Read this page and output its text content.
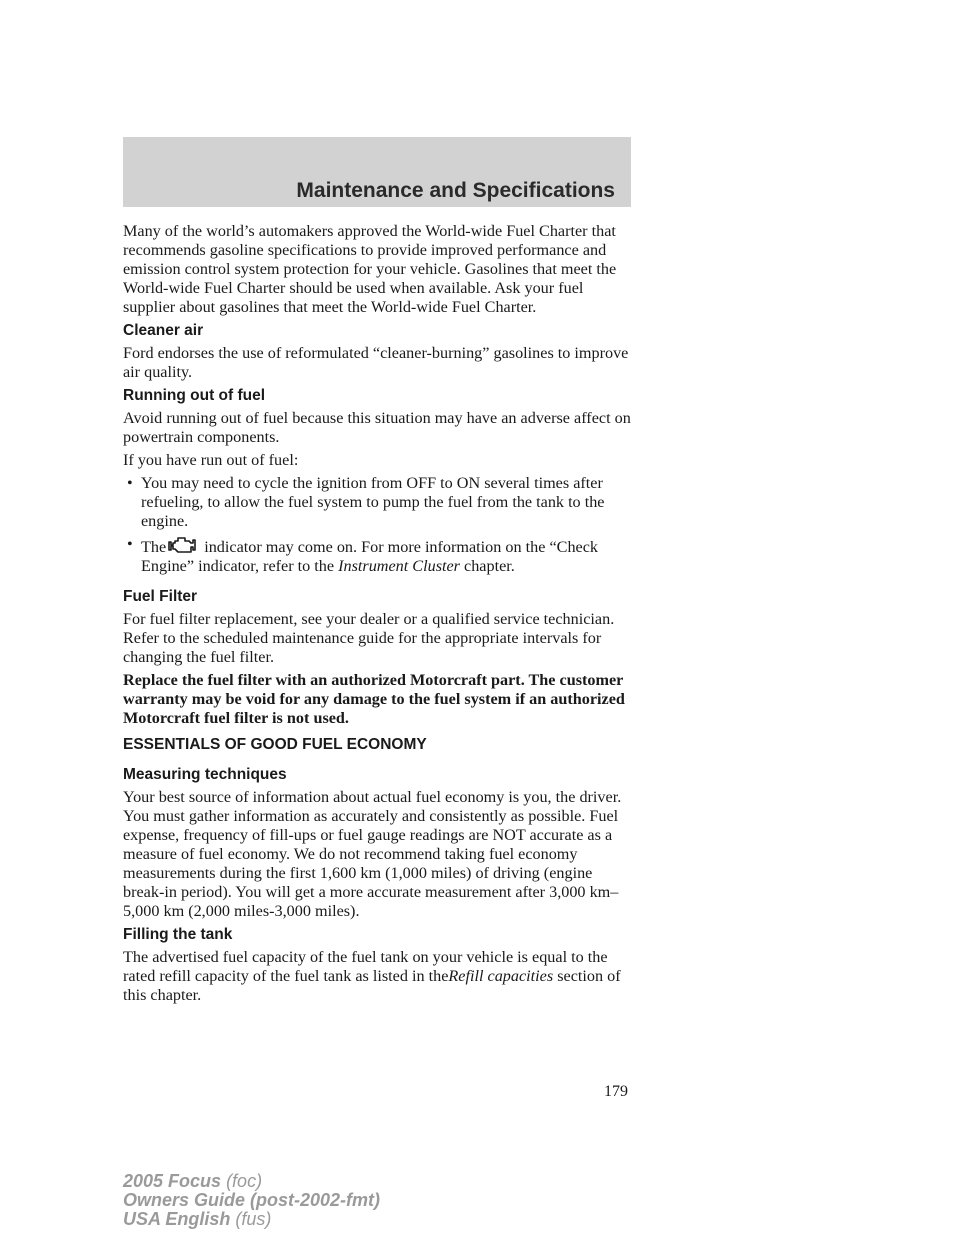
Maintenance and Specifications

Many of the world’s automakers approved the World-wide Fuel Charter that recommends gasoline specifications to provide improved performance and emission control system protection for your vehicle. Gasolines that meet the World-wide Fuel Charter should be used when available. Ask your fuel supplier about gasolines that meet the World-wide Fuel Charter.

Cleaner air

Ford endorses the use of reformulated “cleaner-burning” gasolines to improve air quality.

Running out of fuel

Avoid running out of fuel because this situation may have an adverse affect on powertrain components.

If you have run out of fuel:

• You may need to cycle the ignition from OFF to ON several times after refueling, to allow the fuel system to pump the fuel from the tank to the engine.
• The
indicator may come on. For more information on the “Check Engine” indicator, refer to the Instrument Cluster chapter.

Fuel Filter

For fuel filter replacement, see your dealer or a qualified service technician. Refer to the scheduled maintenance guide for the appropriate intervals for changing the fuel filter.

Replace the fuel filter with an authorized Motorcraft part. The customer warranty may be void for any damage to the fuel system if an authorized Motorcraft fuel filter is not used.

ESSENTIALS OF GOOD FUEL ECONOMY

Measuring techniques

Your best source of information about actual fuel economy is you, the driver. You must gather information as accurately and consistently as possible. Fuel expense, frequency of fill-ups or fuel gauge readings are NOT accurate as a measure of fuel economy. We do not recommend taking fuel economy measurements during the first 1,600 km (1,000 miles) of driving (engine break-in period). You will get a more accurate measurement after 3,000 km–5,000 km (2,000 miles-3,000 miles).

Filling the tank

The advertised fuel capacity of the fuel tank on your vehicle is equal to the rated refill capacity of the fuel tank as listed in theRefill capacities section of this chapter.

179
2005 Focus (foc)
Owners Guide (post-2002-fmt)
USA English (fus)
